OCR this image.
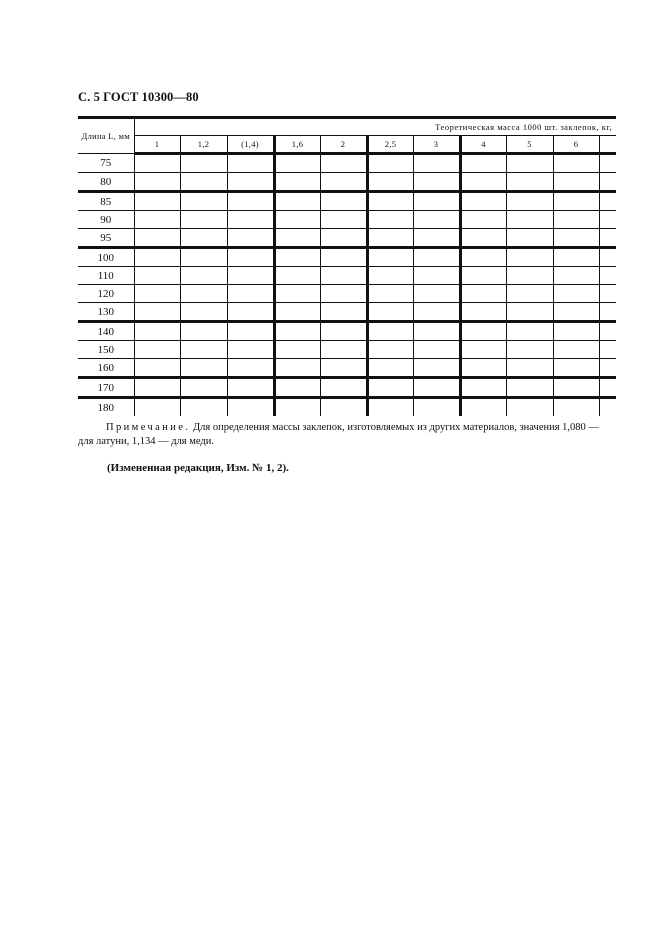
С. 5 ГОСТ 10300—80
Длина L, мм	Теоретическая масса 1000 шт. заклепок, кг,										
	1	1,2	(1,4)	1,6	2	2,5	3	4	5	6	
75											
80											
85											
90											
95											
100											
110											
120											
130											
140											
150											
160											
170											
180											
Примечание. Для определения массы заклепок, изготовляемых из других материалов, значения 1,080 — для латуни, 1,134 — для меди.
(Измененная редакция, Изм. № 1, 2).
